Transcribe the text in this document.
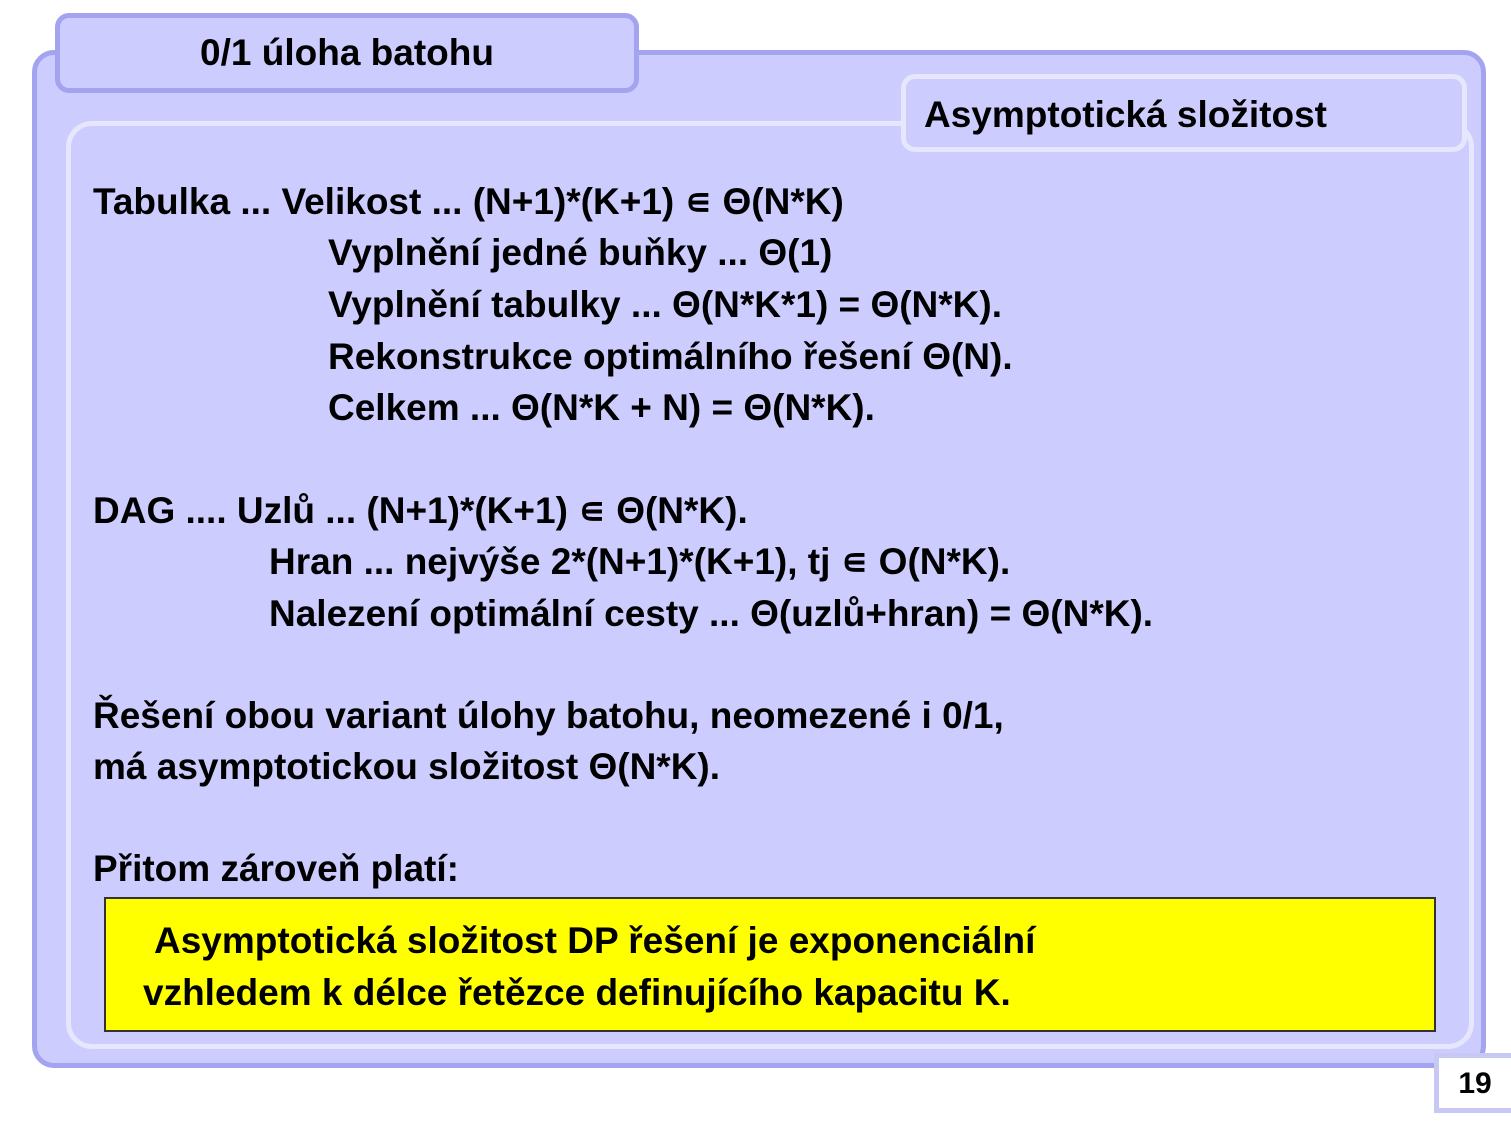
0/1 úloha batohu
Asymptotická složitost
Tabulka ... Velikost ... (N+1)*(K+1) ∊ Θ(N*K)
Vyplnění jedné buňky ... Θ(1)
Vyplnění tabulky ... Θ(N*K*1) = Θ(N*K).
Rekonstrukce optimálního řešení Θ(N).
Celkem ... Θ(N*K + N) = Θ(N*K).
DAG .... Uzlů ... (N+1)*(K+1) ∊ Θ(N*K).
Hran ... nejvýše 2*(N+1)*(K+1), tj ∊ O(N*K).
Nalezení optimální cesty ... Θ(uzlů+hran) = Θ(N*K).
Řešení obou variant úlohy batohu, neomezené i 0/1,
má asymptotickou složitost Θ(N*K).
Přitom zároveň platí:
Asymptotická složitost DP řešení je exponenciální
vzhledem k délce řetězce definujícího kapacitu K.
19
